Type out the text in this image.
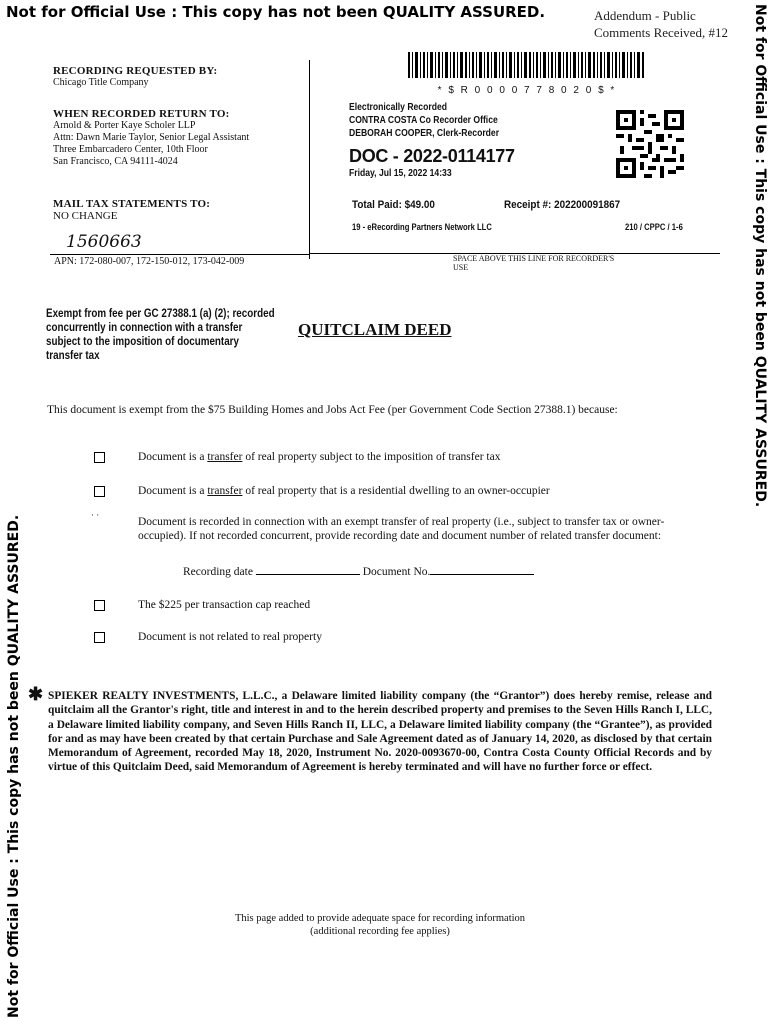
Not for Official Use : This copy has not been QUALITY ASSURED.	Not for Official Use : This copy has not been QUALITY ASSURED.
Not for Official Use : This copy has not been QUALITY ASSURED.
Addendum - Public
Comments Received, #12
RECORDING REQUESTED BY:
Chicago Title Company
WHEN RECORDED RETURN TO:
Arnold & Porter Kaye Scholer LLP
Attn: Dawn Marie Taylor, Senior Legal Assistant
Three Embarcadero Center, 10th Floor
San Francisco, CA 94111-4024
MAIL TAX STATEMENTS TO:
NO CHANGE
1560663
APN: 172-080-007, 172-150-012, 173-042-009
* $ R 0 0 0 0 7 7 8 0 2 0 $ *
Electronically Recorded
CONTRA COSTA Co Recorder Office
DEBORAH COOPER, Clerk-Recorder
DOC - 2022-0114177
Friday, Jul 15, 2022 14:33
Total Paid: $49.00	Receipt #: 202200091867
19 - eRecording Partners Network LLC	210 / CPPC / 1-6
SPACE ABOVE THIS LINE FOR RECORDER'S USE
Exempt from fee per GC 27388.1 (a) (2); recorded concurrently in connection with a transfer subject to the imposition of documentary transfer tax
QUITCLAIM DEED
This document is exempt from the $75 Building Homes and Jobs Act Fee (per Government Code Section 27388.1) because:
Document is a transfer of real property subject to the imposition of transfer tax
Document is a transfer of real property that is a residential dwelling to an owner-occupier
· ·
Document is recorded in connection with an exempt transfer of real property (i.e., subject to transfer tax or owner-occupied). If not recorded concurrent, provide recording date and document number of related transfer document:
Recording date	Document No.
The $225 per transaction cap reached
Document is not related to real property
✱ SPIEKER REALTY INVESTMENTS, L.L.C., a Delaware limited liability company (the “Grantor”) does hereby remise, release and quitclaim all the Grantor's right, title and interest in and to the herein described property and premises to the Seven Hills Ranch I, LLC, a Delaware limited liability company, and Seven Hills Ranch II, LLC, a Delaware limited liability company (the “Grantee”), as provided for and as may have been created by that certain Purchase and Sale Agreement dated as of January 14, 2020, as disclosed by that certain Memorandum of Agreement, recorded May 18, 2020, Instrument No. 2020-0093670-00, Contra Costa County Official Records and by virtue of this Quitclaim Deed, said Memorandum of Agreement is hereby terminated and will have no further force or effect.
This page added to provide adequate space for recording information
(additional recording fee applies)
